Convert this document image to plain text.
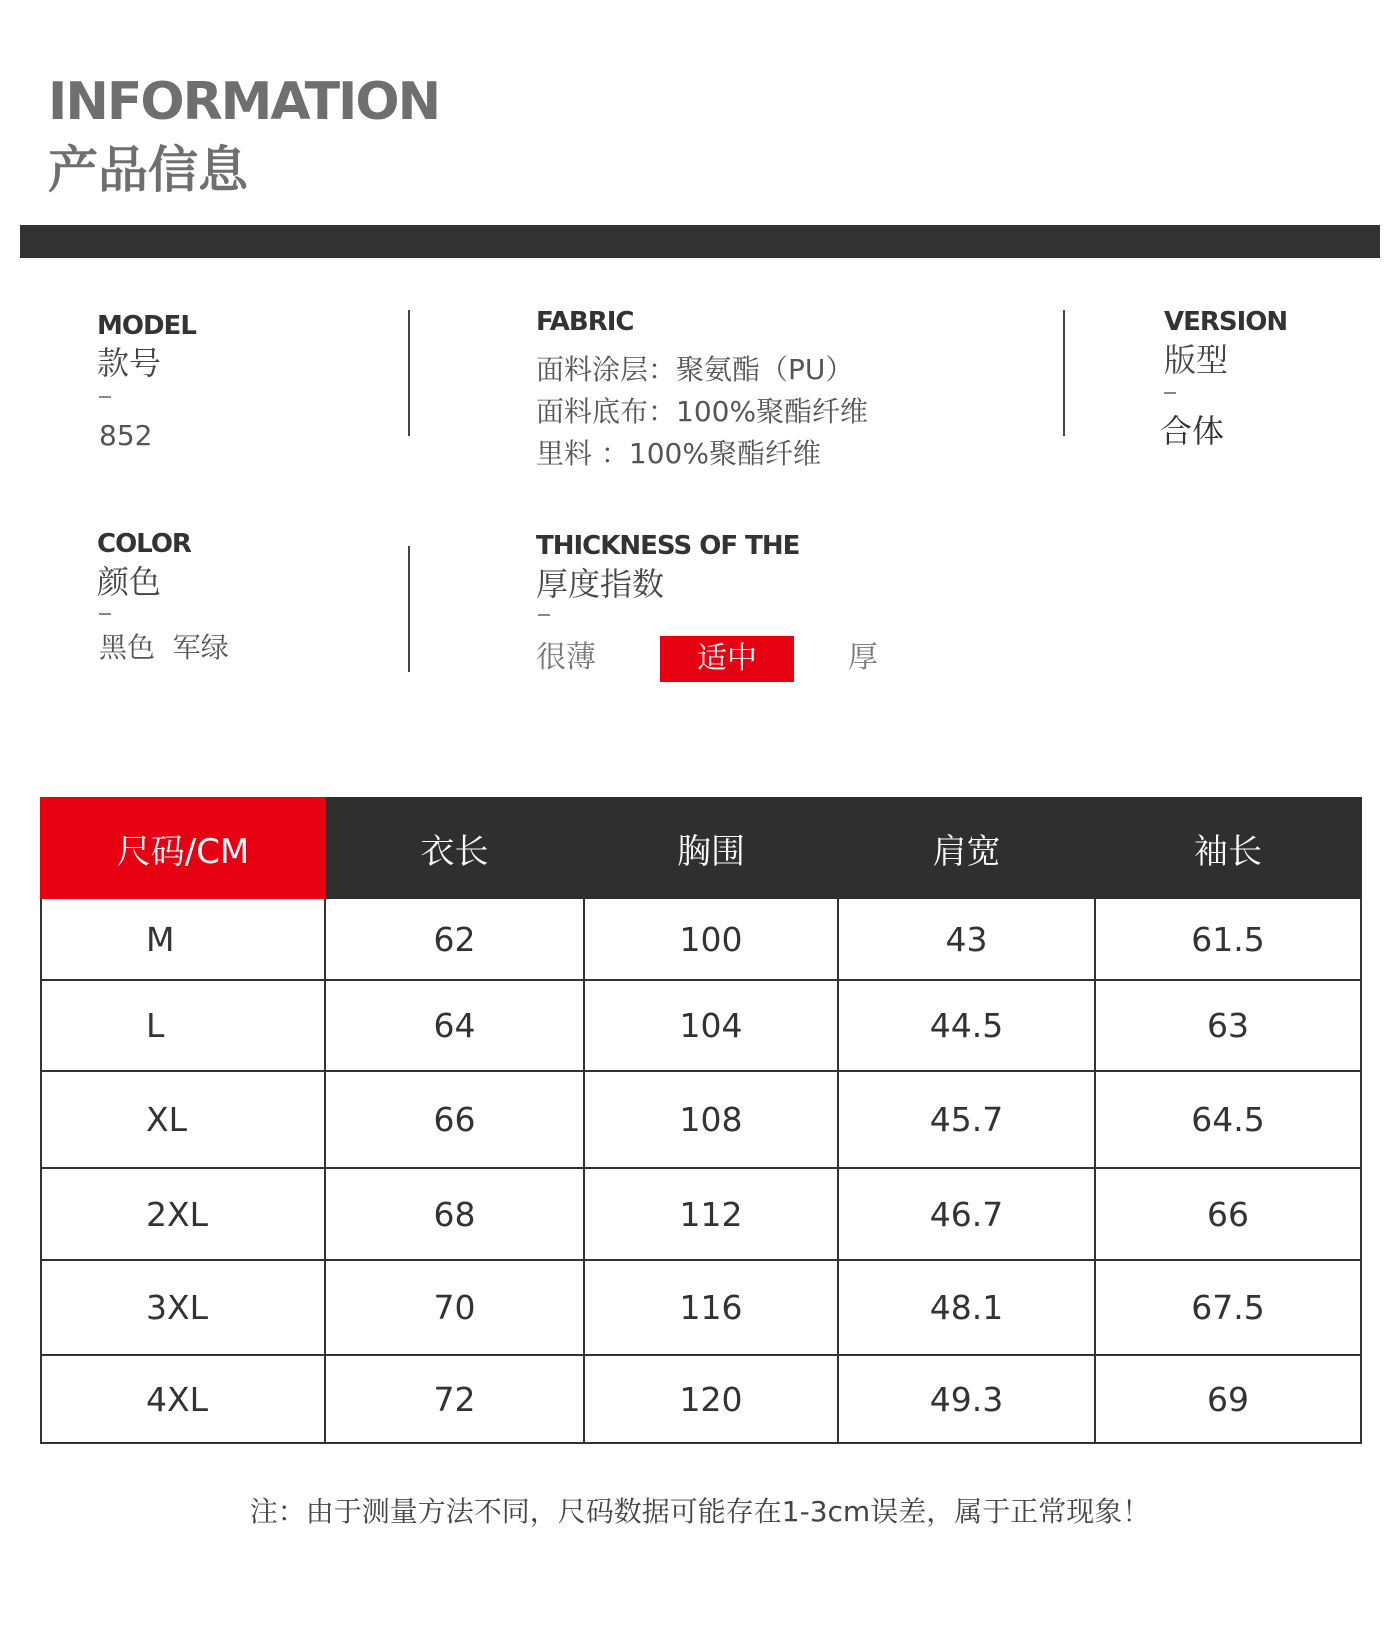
INFORMATION
产品信息
MODEL
款号
852
FABRIC
面料涂层：聚氨酯（PU）
面料底布：100%聚酯纤维
里料 ：100%聚酯纤维
VERSION
版型
合体
COLOR
颜色
黑色  军绿
THICKNESS OF THE
厚度指数
很薄	适中	厚
尺码/CM	衣长	胸围	肩宽	袖长
M	62	100	43	61.5
L	64	104	44.5	63
XL	66	108	45.7	64.5
2XL	68	112	46.7	66
3XL	70	116	48.1	67.5
4XL	72	120	49.3	69
注：由于测量方法不同，尺码数据可能存在1-3cm误差，属于正常现象！
